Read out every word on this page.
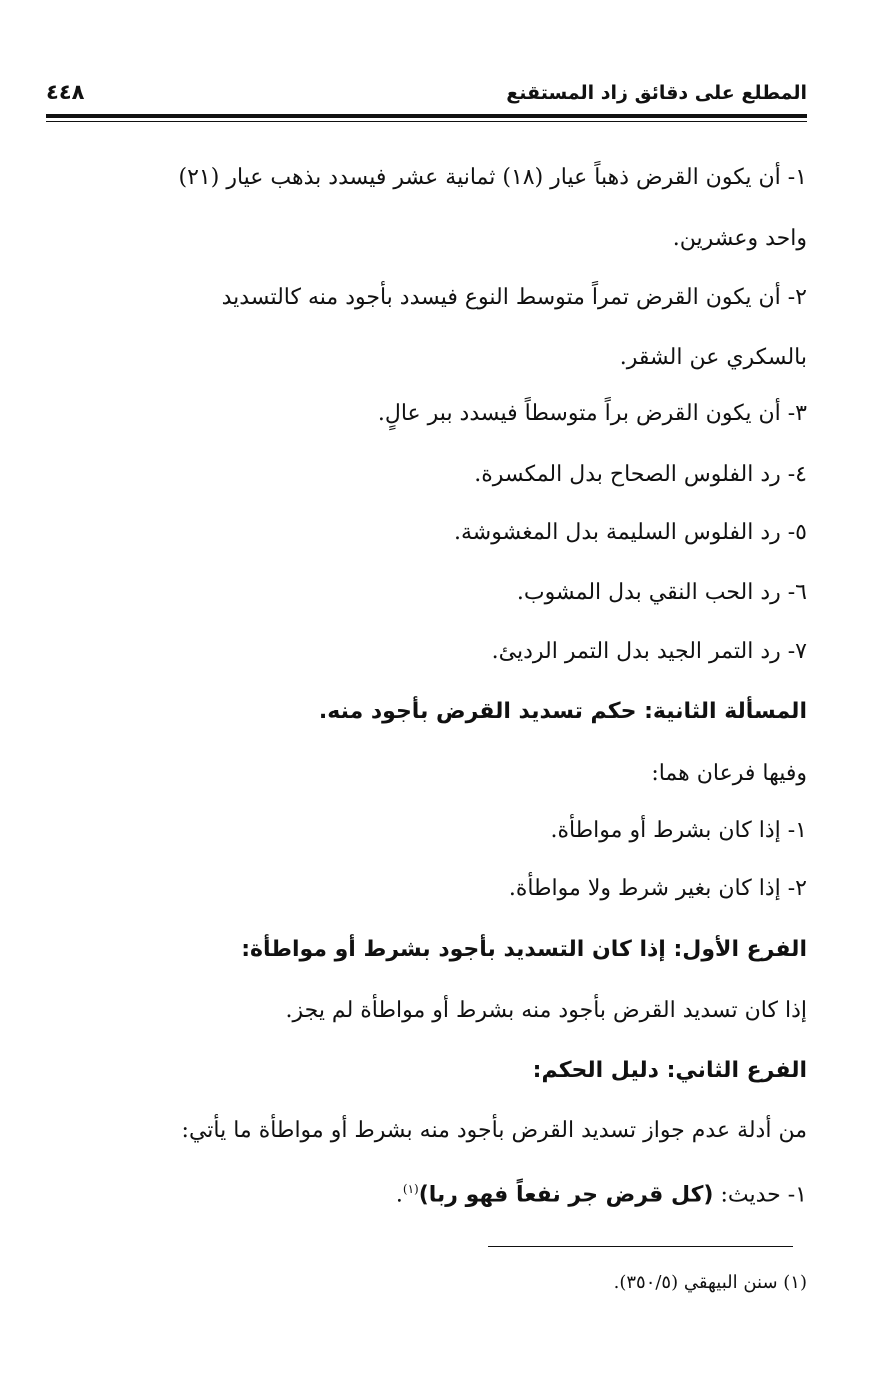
المطلع على دقائق زاد المستقنع
٤٤٨
١- أن يكون القرض ذهباً عيار (١٨) ثمانية عشر فيسدد بذهب عيار (٢١)
واحد وعشرين.
٢- أن يكون القرض تمراً متوسط النوع فيسدد بأجود منه كالتسديد
بالسكري عن الشقر.
٣- أن يكون القرض براً متوسطاً فيسدد ببر عالٍ.
٤- رد الفلوس الصحاح بدل المكسرة.
٥- رد الفلوس السليمة بدل المغشوشة.
٦- رد الحب النقي بدل المشوب.
٧- رد التمر الجيد بدل التمر الرديئ.
المسألة الثانية: حكم تسديد القرض بأجود منه.
وفيها فرعان هما:
١- إذا كان بشرط أو مواطأة.
٢- إذا كان بغير شرط ولا مواطأة.
الفرع الأول: إذا كان التسديد بأجود بشرط أو مواطأة:
إذا كان تسديد القرض بأجود منه بشرط أو مواطأة لم يجز.
الفرع الثاني: دليل الحكم:
من أدلة عدم جواز تسديد القرض بأجود منه بشرط أو مواطأة ما يأتي:
١- حديث: (كل قرض جر نفعاً فهو ربا)$^{(١)}$.
(١) سنن البيهقي (٣٥٠/٥).
